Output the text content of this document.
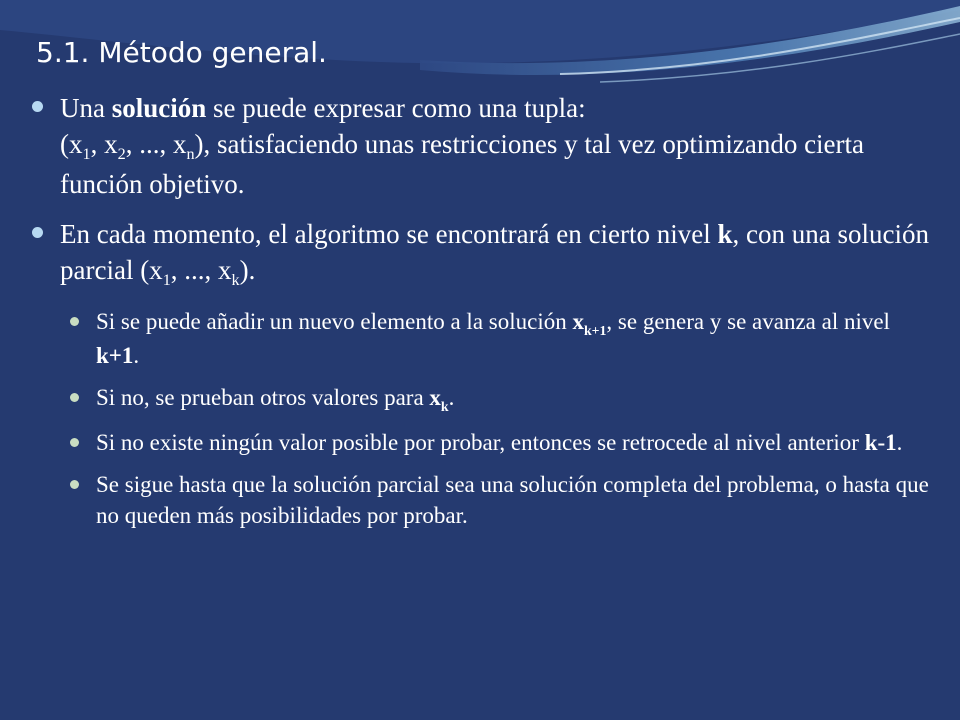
5.1. Método general.
Una solución se puede expresar como una tupla:
($x_1$, $x_2$, ..., $x_n$), satisfaciendo unas restricciones y tal vez optimizando cierta función objetivo.
En cada momento, el algoritmo se encontrará en cierto nivel k, con una solución parcial ($x_1$, ..., $x_k$).
Si se puede añadir un nuevo elemento a la solución $x_{k+1}$, se genera y se avanza al nivel k+1.
Si no, se prueban otros valores para $x_k$.
Si no existe ningún valor posible por probar, entonces se retrocede al nivel anterior k-1.
Se sigue hasta que la solución parcial sea una solución completa del problema, o hasta que no queden más posibilidades por probar.
